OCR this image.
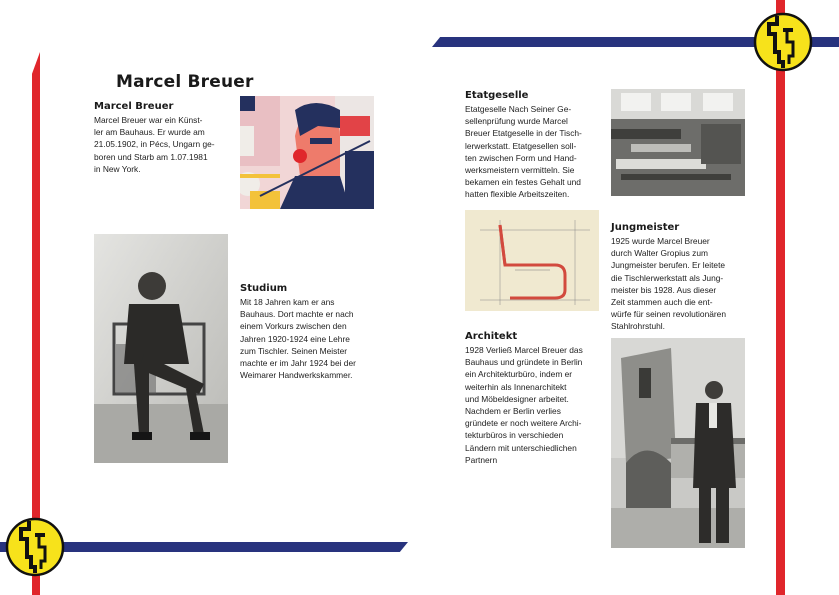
Marcel Breuer
Marcel Breuer
Marcel Breuer war ein Künst-
ler am Bauhaus. Er wurde am
21.05.1902, in Pécs, Ungarn ge-
boren und Starb am 1.07.1981
in New York.
Studium
Mit 18 Jahren kam er ans
Bauhaus. Dort machte er nach
einem Vorkurs zwischen den
Jahren 1920-1924 eine Lehre
zum Tischler. Seinen Meister
machte er im Jahr 1924 bei der
Weimarer Handwerkskammer.
Etatgeselle
Etatgeselle Nach Seiner Ge-
sellenprüfung wurde Marcel
Breuer Etatgeselle in der Tisch-
lerwerkstatt. Etatgesellen soll-
ten zwischen Form und Hand-
werksmeistern vermitteln. Sie
bekamen ein festes Gehalt und
hatten flexible Arbeitszeiten.
Jungmeister
1925 wurde Marcel Breuer
durch Walter Gropius zum
Jungmeister berufen. Er leitete
die Tischlerwerkstatt als Jung-
meister bis 1928. Aus dieser
Zeit stammen auch die ent-
würfe für seinen revolutionären
Stahlrohrstuhl.
Architekt
1928 Verließ Marcel Breuer das
Bauhaus und gründete in Berlin
ein Architekturbüro, indem er
weiterhin als Innenarchitekt
und Möbeldesigner arbeitet.
Nachdem er Berlin verlies
gründete er noch weitere Archi-
tekturbüros in verschieden
Ländern mit unterschiedlichen
Partnern
